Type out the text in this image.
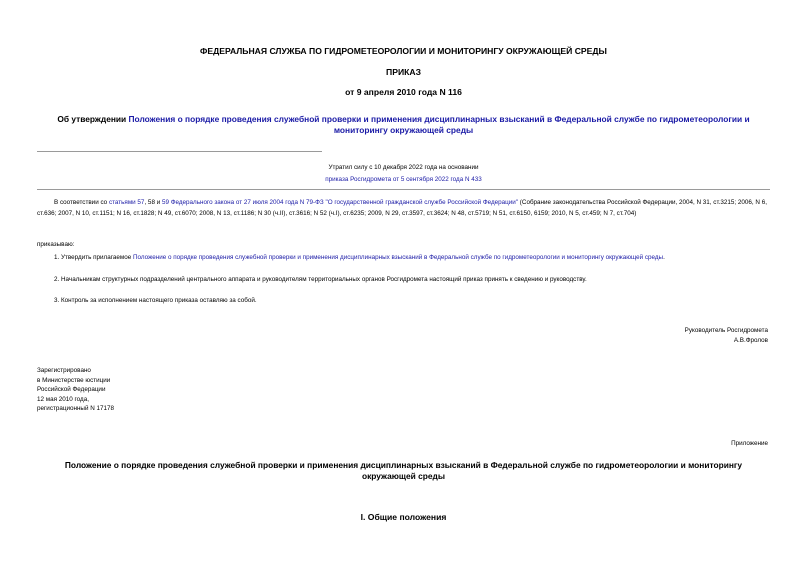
ФЕДЕРАЛЬНАЯ СЛУЖБА ПО ГИДРОМЕТЕОРОЛОГИИ И МОНИТОРИНГУ ОКРУЖАЮЩЕЙ СРЕДЫ
ПРИКАЗ
от 9 апреля 2010 года N 116
Об утверждении Положения о порядке проведения служебной проверки и применения дисциплинарных взысканий в Федеральной службе по гидрометеорологии и мониторингу окружающей среды
Утратил силу с 10 декабря 2022 года на основании
приказа Росгидромета от 5 сентября 2022 года N 433
В соответствии со статьями 57, 58 и 59 Федерального закона от 27 июля 2004 года N 79-ФЗ "О государственной гражданской службе Российской Федерации" (Собрание законодательства Российской Федерации, 2004, N 31, ст.3215; 2006, N 6, ст.636; 2007, N 10, ст.1151; N 16, ст.1828; N 49, ст.6070; 2008, N 13, ст.1186; N 30 (ч.II), ст.3616; N 52 (ч.I), ст.6235; 2009, N 29, ст.3597, ст.3624; N 48, ст.5719; N 51, ст.6150, 6159; 2010, N 5, ст.459; N 7, ст.704)
приказываю:
1. Утвердить прилагаемое Положение о порядке проведения служебной проверки и применения дисциплинарных взысканий в Федеральной службе по гидрометеорологии и мониторингу окружающей среды.
2. Начальникам структурных подразделений центрального аппарата и руководителям территориальных органов Росгидромета настоящий приказ принять к сведению и руководству.
3. Контроль за исполнением настоящего приказа оставляю за собой.
Руководитель Росгидромета
А.В.Фролов
Зарегистрировано
в Министерстве юстиции
Российской Федерации
12 мая 2010 года,
регистрационный N 17178
Приложение
Положение о порядке проведения служебной проверки и применения дисциплинарных взысканий в Федеральной службе по гидрометеорологии и мониторингу окружающей среды
I. Общие положения
